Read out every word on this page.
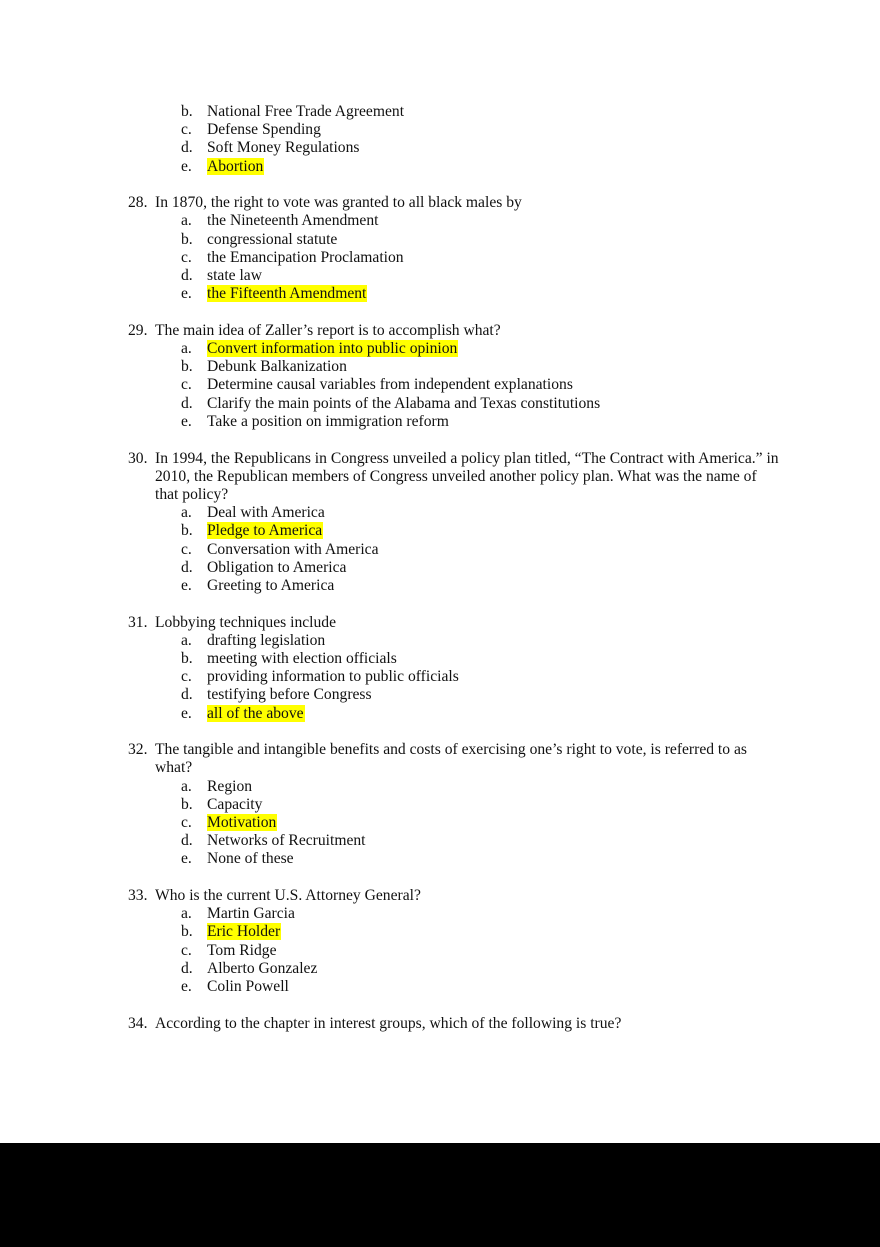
b. National Free Trade Agreement
c. Defense Spending
d. Soft Money Regulations
e. Abortion
28. In 1870, the right to vote was granted to all black males by
a. the Nineteenth Amendment
b. congressional statute
c. the Emancipation Proclamation
d. state law
e. the Fifteenth Amendment
29. The main idea of Zaller’s report is to accomplish what?
a. Convert information into public opinion
b. Debunk Balkanization
c. Determine causal variables from independent explanations
d. Clarify the main points of the Alabama and Texas constitutions
e. Take a position on immigration reform
30. In 1994, the Republicans in Congress unveiled a policy plan titled, “The Contract with America.” in 2010, the Republican members of Congress unveiled another policy plan. What was the name of that policy?
a. Deal with America
b. Pledge to America
c. Conversation with America
d. Obligation to America
e. Greeting to America
31. Lobbying techniques include
a. drafting legislation
b. meeting with election officials
c. providing information to public officials
d. testifying before Congress
e. all of the above
32. The tangible and intangible benefits and costs of exercising one’s right to vote, is referred to as what?
a. Region
b. Capacity
c. Motivation
d. Networks of Recruitment
e. None of these
33. Who is the current U.S. Attorney General?
a. Martin Garcia
b. Eric Holder
c. Tom Ridge
d. Alberto Gonzalez
e. Colin Powell
34. According to the chapter in interest groups, which of the following is true?
